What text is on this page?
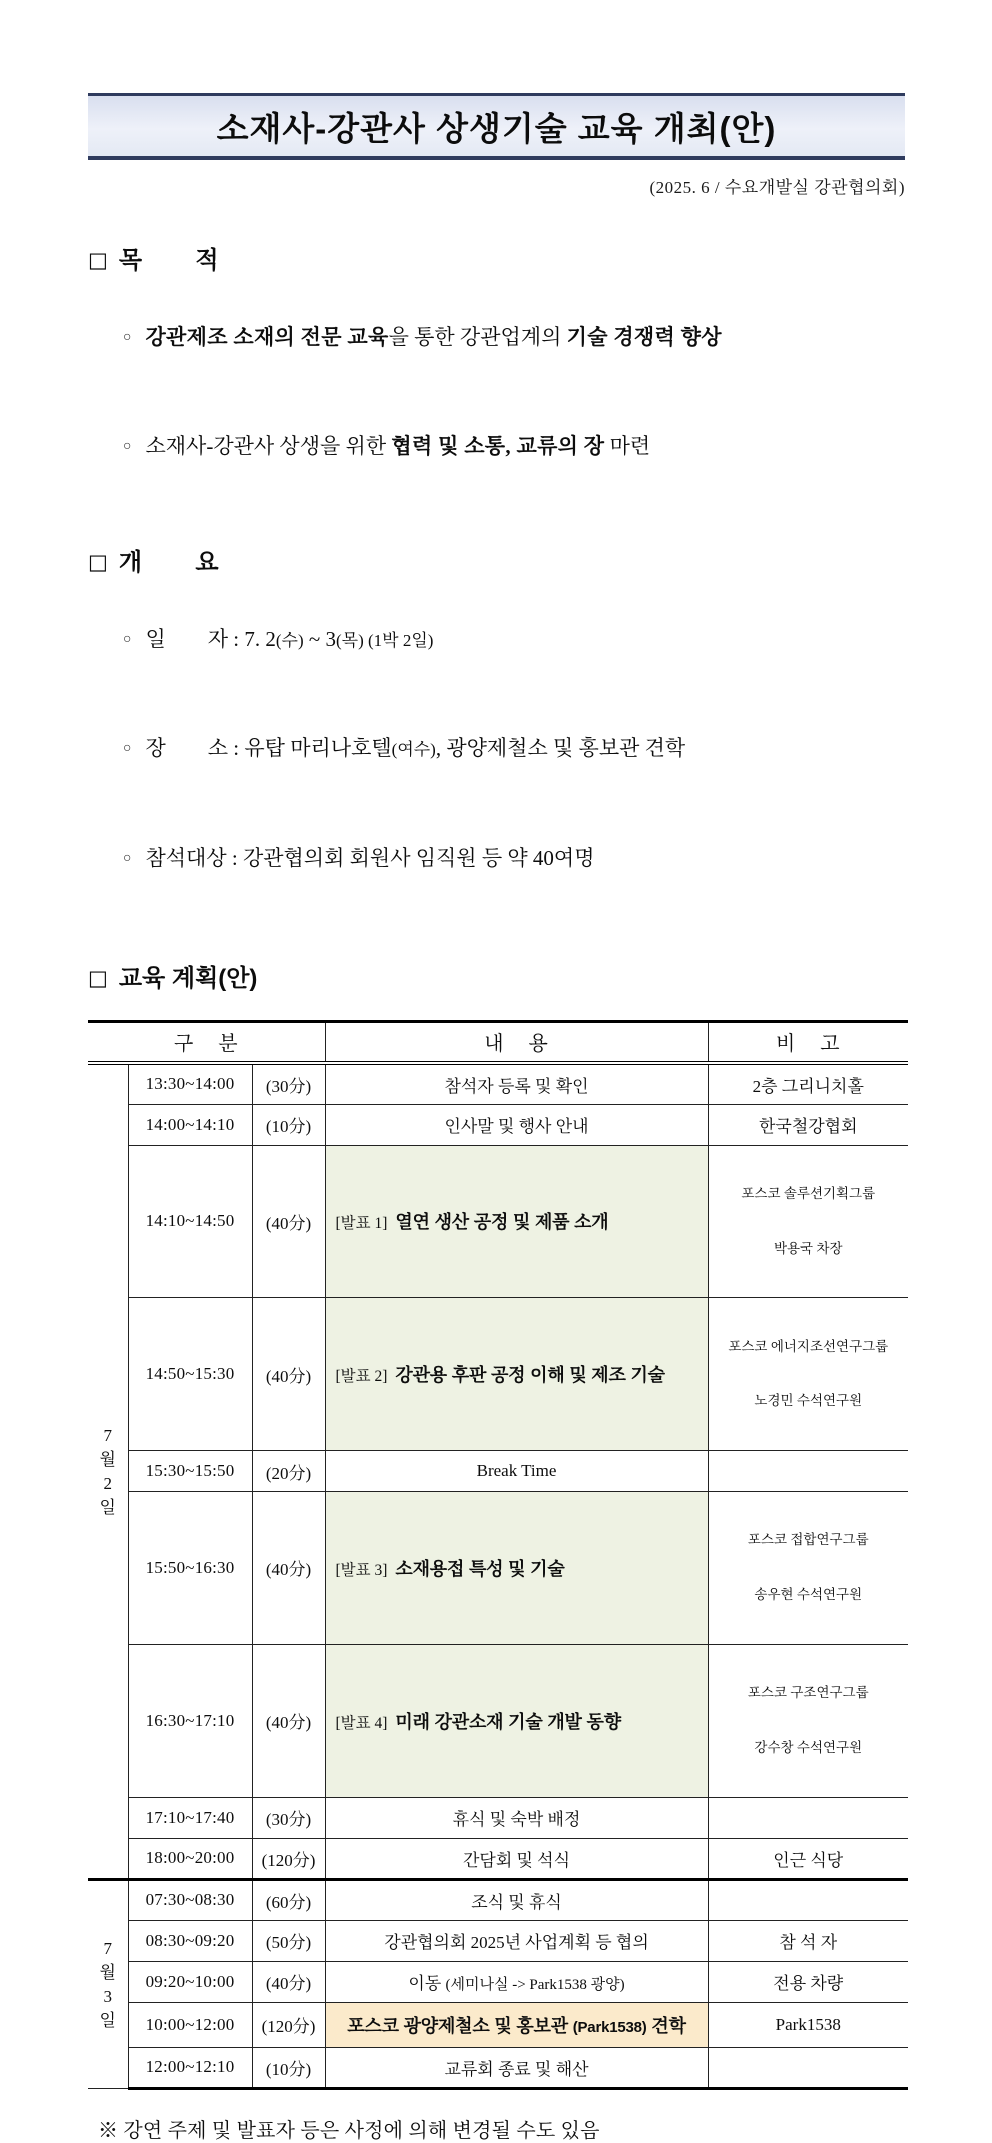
소재사-강관사 상생기술 교육 개최(안)
(2025. 6 / 수요개발실 강관협의회)
□ 목        적

○ 강관제조 소재의 전문 교육을 통한 강관업계의 기술 경쟁력 향상

○ 소재사-강관사 상생을 위한 협력 및 소통, 교류의 장 마련

□ 개        요

○ 일        자 : 7. 2(수) ~ 3(목) (1박 2일)

○ 장        소 : 유탑 마리나호텔(여수), 광양제철소 및 홍보관 견학

○ 참석대상 : 강관협의회 회원사 임직원 등 약 40여명

□ 교육 계획(안)
구    분			내    용	비    고

7
월
2
일	13:30~14:00	(30分)	참석자 등록 및 확인	2층 그리니치홀
	14:00~14:10	(10分)	인사말 및 행사 안내	한국철강협회
	14:10~14:50	(40分)	[발표 1] 열연 생산 공정 및 제품 소개	포스코 솔루션기획그룹

박용국 차장

	14:50~15:30	(40分)	[발표 2] 강관용 후판 공정 이해 및 제조 기술	포스코 에너지조선연구그룹

노경민 수석연구원

	15:30~15:50	(20分)	Break Time	
	15:50~16:30	(40分)	[발표 3] 소재용접 특성 및 기술	포스코 접합연구그룹

송우현 수석연구원

	16:30~17:10	(40分)	[발표 4] 미래 강관소재 기술 개발 동향	포스코 구조연구그룹

강수창 수석연구원

	17:10~17:40	(30分)	휴식 및 숙박 배정	
	18:00~20:00	(120分)	간담회 및 석식	인근 식당

7
월
3
일	07:30~08:30	(60分)	조식 및 휴식	
	08:30~09:20	(50分)	강관협의회 2025년 사업계획 등 협의	참 석 자
	09:20~10:00	(40分)	이동 (세미나실 -> Park1538 광양)	전용 차량
	10:00~12:00	(120分)	포스코 광양제철소 및 홍보관 (Park1538) 견학	Park1538
	12:00~12:10	(10分)	교류회 종료 및 해산	
※ 강연 주제 및 발표자 등은 사정에 의해 변경될 수도 있음
